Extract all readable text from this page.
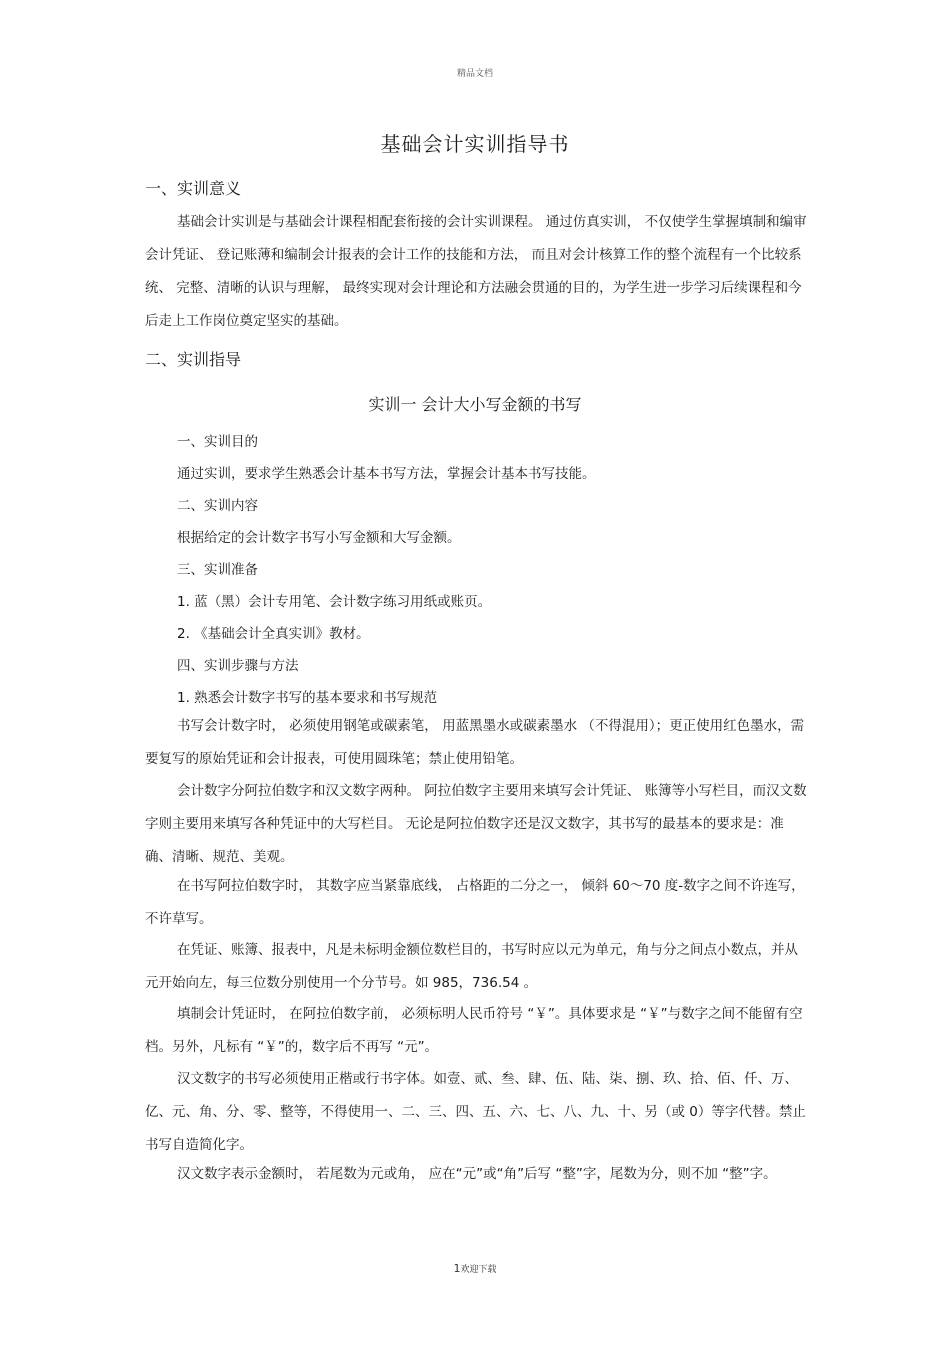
精品文档
基础会计实训指导书
一、实训意义

基础会计实训是与基础会计课程相配套衔接的会计实训课程。 通过仿真实训， 不仅使学生掌握填制和编审会计凭证、 登记账薄和编制会计报表的会计工作的技能和方法， 而且对会计核算工作的整个流程有一个比较系统、 完整、清晰的认识与理解， 最终实现对会计理论和方法融会贯通的目的，为学生进一步学习后续课程和今后走上工作岗位奠定坚实的基础。

二、实训指导
实训一 会计大小写金额的书写
一、实训目的
通过实训，要求学生熟悉会计基本书写方法，掌握会计基本书写技能。
二、实训内容
根据给定的会计数字书写小写金额和大写金额。
三、实训准备
1. 蓝（黑）会计专用笔、会计数字练习用纸或账页。
2. 《基础会计全真实训》教材。
四、实训步骤与方法
1. 熟悉会计数字书写的基本要求和书写规范

书写会计数字时， 必须使用钢笔或碳素笔， 用蓝黑墨水或碳素墨水 （不得混用）；更正使用红色墨水，需要复写的原始凭证和会计报表，可使用圆珠笔；禁止使用铅笔。

会计数字分阿拉伯数字和汉文数字两种。 阿拉伯数字主要用来填写会计凭证、 账簿等小写栏目，而汉文数字则主要用来填写各种凭证中的大写栏目。 无论是阿拉伯数字还是汉文数字，其书写的最基本的要求是：准确、清晰、规范、美观。

在书写阿拉伯数字时， 其数字应当紧靠底线， 占格距的二分之一， 倾斜 60～70 度-数字之间不许连写，不许草写。

在凭证、账簿、报表中，凡是未标明金额位数栏目的，书写时应以元为单元，角与分之间点小数点，并从元开始向左，每三位数分别使用一个分节号。如 985，736.54 。

填制会计凭证时， 在阿拉伯数字前， 必须标明人民币符号 “￥”。具体要求是 “￥”与数字之间不能留有空档。另外，凡标有 “￥”的，数字后不再写 “元”。

汉文数字的书写必须使用正楷或行书字体。如壹、贰、叁、肆、伍、陆、柒、捌、玖、拾、佰、仟、万、亿、元、角、分、零、整等，不得使用一、二、三、四、五、六、七、八、九、十、另（或 0）等字代替。禁止书写自造简化字。

汉文数字表示金额时， 若尾数为元或角， 应在“元”或“角”后写 “整”字，尾数为分，则不加 “整”字。

1欢迎下载
